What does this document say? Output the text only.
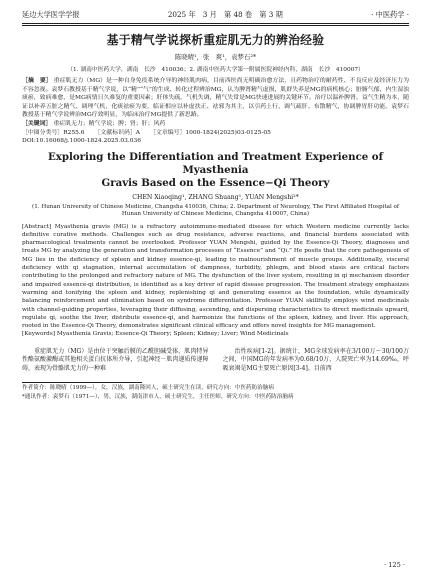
延边大学医学学报	2025 年　3 月　第 48 卷　第 3 期	· 中医药学 ·
基于精气学说探析重症肌无力的辨治经验
陈晓晴¹，张　爽¹，袁梦石²*
（1. 湖南中医药大学，湖南　长沙　410036；2. 湖南中医药大学第一附属医院神经内科，湖南　长沙　410007）
［摘　要］ 重症肌无力（MG）是一种自身免疫系统介导的神经肌肉病，目前西医尚无明确治愈方法，且药物治疗的耐药性、不良反应及经济压力为不容忽视。袁梦石教授基于精气学说，以“精”“气”的生成、转化过程辨治MG，认为脾肾精气虚损，肌群失养是MG的病机核心；脏腑气郁，内生湿浊痰瘀，致病难愈，是MG病情日久难复的重要因素；肝体失疏，气机失调，精气失常是MG快速进展的关键环节。治疗以温补脾肾、益气生精为本，随证以补养五脏之精气、调理气机，化痰祛瘀为要，临证相应以补虚扶正、祛邪为其主，以引药上行、调气疏肝、布散精气，协调脾胃肝功能。袁梦石教授基于精气学说辨治MG疗效明显，为临床治疗MG提供了新思路。
［关键词］ 重症肌无力；精气学说；脾；肾；肝；风药
［中图分类号］R255.6 ［文献标识码］A ［文章编号］1000-1824(2025)03-0125-05
DOI:10.16068/j.1000-1824.2025.03.036
Exploring the Differentiation and Treatment Experience of Myasthenia
Gravis Based on the Essence−Qi Theory
CHEN Xiaoqing¹, ZHANG Shuang¹, YUAN Mengshi²*
(1. Hunan University of Chinese Medicine, Changsha 410036, China; 2. Department of Neurology, The First Affiliated Hospital of Hunan University of Chinese Medicine, Changsha 410007, China)
[Abstract] Myasthenia gravis (MG) is a refractory autoimmune-mediated disease for which Western medicine currently lacks definitive curative methods. Challenges such as drug resistance, adverse reactions, and financial burdens associated with pharmacological treatments cannot be overlooked. Professor YUAN Mengshi, guided by the Essence-Qi Theory, diagnoses and treats MG by analyzing the generation and transformation processes of “Essence” and “Qi.” He posits that the core pathogenesis of MG lies in the deficiency of spleen and kidney essence-qi, leading to malnourishment of muscle groups. Additionally, visceral deficiency with qi stagnation, internal accumulation of dampness, turbidity, phlegm, and blood stasis are critical factors contributing to the prolonged and refractory nature of MG. The dysfunction of the liver system, resulting in qi mechanism disorder and impaired essence-qi distribution, is identified as a key driver of rapid disease progression. The treatment strategy emphasizes warming and tonifying the spleen and kidney, replenishing qi and generating essence as the foundation, while dynamically balancing reinforcement and elimination based on syndrome differentiation. Professor YUAN skillfully employs wind medicinals with channel-guiding properties, leveraging their diffusing, ascending, and dispersing characteristics to direct medicinals upward, regulate qi, soothe the liver, distribute essence-qi, and harmonize the functions of the spleen, kidney, and liver. His approach, rooted in the Essence-Qi Theory, demonstrates significant clinical efficacy and offers novel insights for MG management.
[Keywords] Myasthenia Gravis; Essence-Qi Theory; Spleen; Kidney; Liver; Wind Medicinals
重症肌无力（MG）是由位于突触后膜的乙酰胆碱受体、肌肉特异性酪氨酸激酶或其他相关蛋白抗体所介导，引起神经－肌肉递质传递障碍，表现为骨骼肌无力的一种难
治性疾病[1-2]。据统计，MG全球发病率在3/100万～30/100万之间，中国MG的年发病率为0.68/10万，人院死亡率为14.69‰，呼吸衰竭是MG主要死亡原因[3-4]。目前西
作者简介：陈晓晴（1999—），女，汉族，湖南隆回人，硕士研究生在读，研究方向：中医药防治脑病
*通讯作者：袁梦石（1971—），男，汉族，湖南津市人，硕士研究生，主任医师，研究方向：中医药防治脑病
· 125 ·
